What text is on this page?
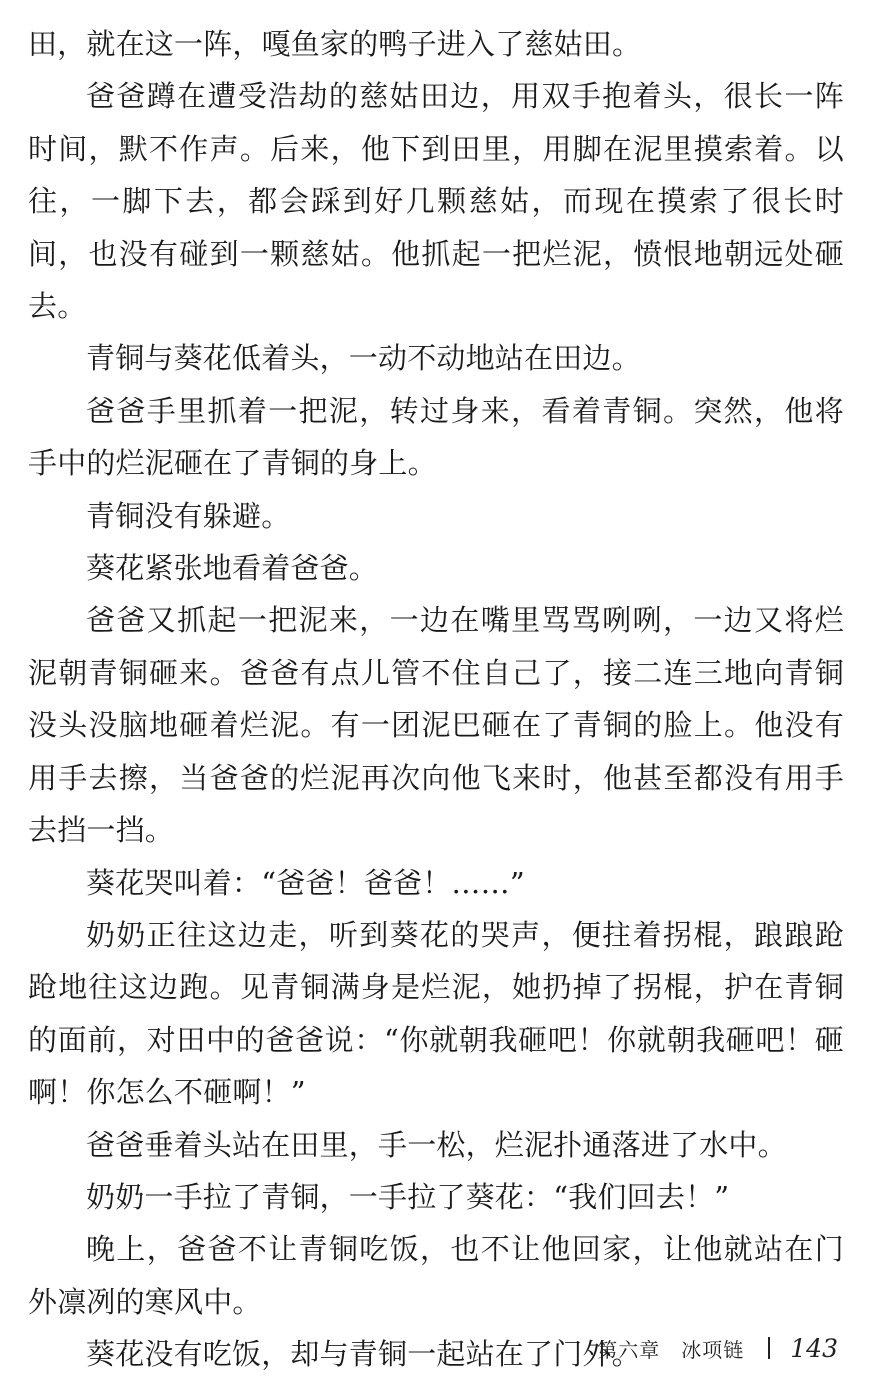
田，就在这一阵，嘎鱼家的鸭子进入了慈姑田。

爸爸蹲在遭受浩劫的慈姑田边，用双手抱着头，很长一阵时间，默不作声。后来，他下到田里，用脚在泥里摸索着。以往，一脚下去，都会踩到好几颗慈姑，而现在摸索了很长时间，也没有碰到一颗慈姑。他抓起一把烂泥，愤恨地朝远处砸去。

青铜与葵花低着头，一动不动地站在田边。

爸爸手里抓着一把泥，转过身来，看着青铜。突然，他将手中的烂泥砸在了青铜的身上。

青铜没有躲避。

葵花紧张地看着爸爸。

爸爸又抓起一把泥来，一边在嘴里骂骂咧咧，一边又将烂泥朝青铜砸来。爸爸有点儿管不住自己了，接二连三地向青铜没头没脑地砸着烂泥。有一团泥巴砸在了青铜的脸上。他没有用手去擦，当爸爸的烂泥再次向他飞来时，他甚至都没有用手去挡一挡。

葵花哭叫着：“爸爸！爸爸！……”

奶奶正往这边走，听到葵花的哭声，便拄着拐棍，踉踉跄跄地往这边跑。见青铜满身是烂泥，她扔掉了拐棍，护在青铜的面前，对田中的爸爸说：“你就朝我砸吧！你就朝我砸吧！砸啊！你怎么不砸啊！”

爸爸垂着头站在田里，手一松，烂泥扑通落进了水中。

奶奶一手拉了青铜，一手拉了葵花：“我们回去！”

晚上，爸爸不让青铜吃饭，也不让他回家，让他就站在门外凛冽的寒风中。

葵花没有吃饭，却与青铜一起站在了门外。

第六章　冰项链 143
